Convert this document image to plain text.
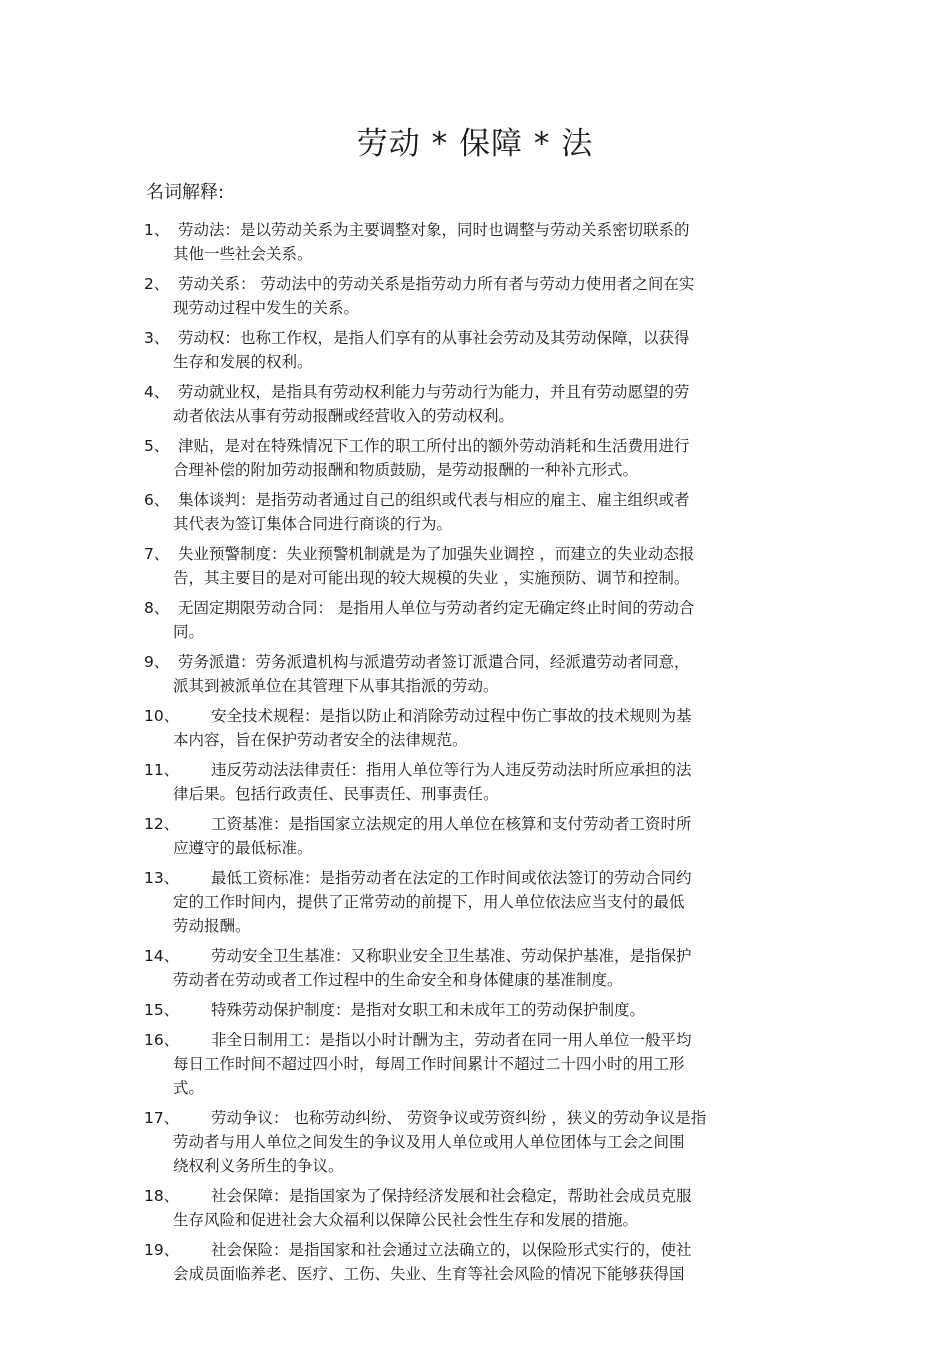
劳动 * 保障 * 法
名词解释:
1、 劳动法：是以劳动关系为主要调整对象，同时也调整与劳动关系密切联系的
其他一些社会关系。
2、 劳动关系： 劳动法中的劳动关系是指劳动力所有者与劳动力使用者之间在实
现劳动过程中发生的关系。
3、 劳动权：也称工作权，是指人们享有的从事社会劳动及其劳动保障，以获得
生存和发展的权利。
4、 劳动就业权，是指具有劳动权利能力与劳动行为能力，并且有劳动愿望的劳
动者依法从事有劳动报酬或经营收入的劳动权利。
5、 津贴，是对在特殊情况下工作的职工所付出的额外劳动消耗和生活费用进行
合理补偿的附加劳动报酬和物质鼓励，是劳动报酬的一种补亢形式。
6、 集体谈判：是指劳动者通过自己的组织或代表与相应的雇主、雇主组织或者
其代表为签订集体合同进行商谈的行为。
7、 失业预警制度：失业预警机制就是为了加强失业调控 ，而建立的失业动态报
告，其主要目的是对可能出现的较大规模的失业 ，实施预防、调节和控制。
8、 无固定期限劳动合同： 是指用人单位与劳动者约定无确定终止时间的劳动合
同。
9、 劳务派遣：劳务派遣机构与派遣劳动者签订派遣合同，经派遣劳动者同意，
派其到被派单位在其管理下从事其指派的劳动。
10、	安全技术规程：是指以防止和消除劳动过程中伤亡事故的技术规则为基
本内容，旨在保护劳动者安全的法律规范。
11、	违反劳动法法律责任：指用人单位等行为人违反劳动法时所应承担的法
律后果。包括行政责任、民事责任、刑事责任。
12、	工资基准：是指国家立法规定的用人单位在核算和支付劳动者工资时所
应遵守的最低标准。
13、	最低工资标准：是指劳动者在法定的工作时间或依法签订的劳动合同约
定的工作时间内，提供了正常劳动的前提下，用人单位依法应当支付的最低
劳动报酬。
14、	劳动安全卫生基准：又称职业安全卫生基准、劳动保护基准，是指保护
劳动者在劳动或者工作过程中的生命安全和身体健康的基准制度。
15、	特殊劳动保护制度：是指对女职工和未成年工的劳动保护制度。
16、	非全日制用工：是指以小时计酬为主，劳动者在同一用人单位一般平均
每日工作时间不超过四小时，每周工作时间累计不超过二十四小时的用工形
式。
17、	劳动争议： 也称劳动纠纷、 劳资争议或劳资纠纷 ，狭义的劳动争议是指
劳动者与用人单位之间发生的争议及用人单位或用人单位团体与工会之间围
绕权利义务所生的争议。
18、	社会保障：是指国家为了保持经济发展和社会稳定，帮助社会成员克服
生存风险和促进社会大众福利以保障公民社会性生存和发展的措施。
19、	社会保险：是指国家和社会通过立法确立的，以保险形式实行的，使社
会成员面临养老、医疗、工伤、失业、生育等社会风险的情况下能够获得国
